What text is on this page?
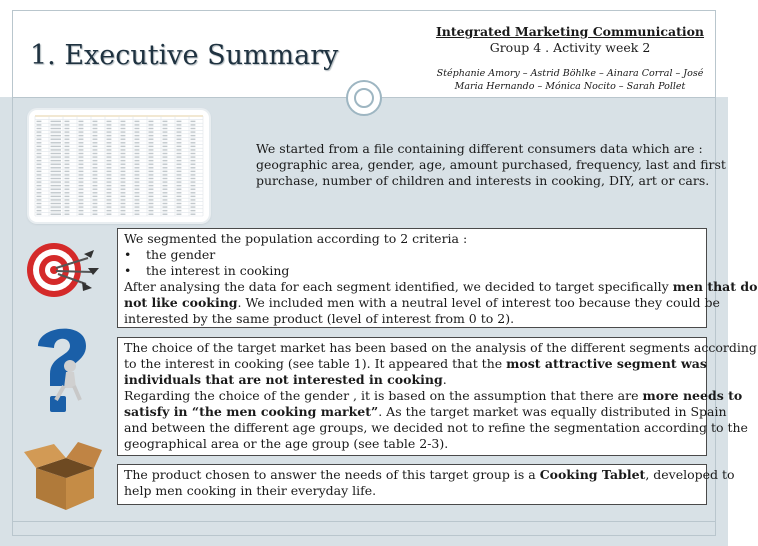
1. Executive Summary
Integrated Marketing Communication
Group 4 . Activity week 2
Stéphanie Amory – Astrid Böhlke – Ainara Corral – José
Maria Hernando – Mónica Nocito – Sarah Pollet
We started from a file containing different consumers data which are :
geographic area, gender, age, amount purchased, frequency, last and first
purchase, number of children and interests in cooking, DIY, art or cars.
We segmented the population according to 2 criteria :
• the gender
• the interest in cooking
After analysing the data for each segment identified, we decided to target specifically men that do
not like cooking. We included men with a neutral level of interest too because they could be
interested by the same product (level of interest from 0 to 2).
The choice of the target market has been based on the analysis of the different segments according
to the interest in cooking (see table 1). It appeared that the most attractive segment was
individuals that are not interested in cooking.
Regarding the choice of the gender , it is based on the assumption that there are more needs to
satisfy in “the men cooking market”. As the target market was equally distributed in Spain
and between the different age groups, we decided not to refine the segmentation according to the
geographical area or the age group (see table 2-3).
The product chosen to answer the needs of this target group is a Cooking Tablet, developed to
help men cooking in their everyday life.
